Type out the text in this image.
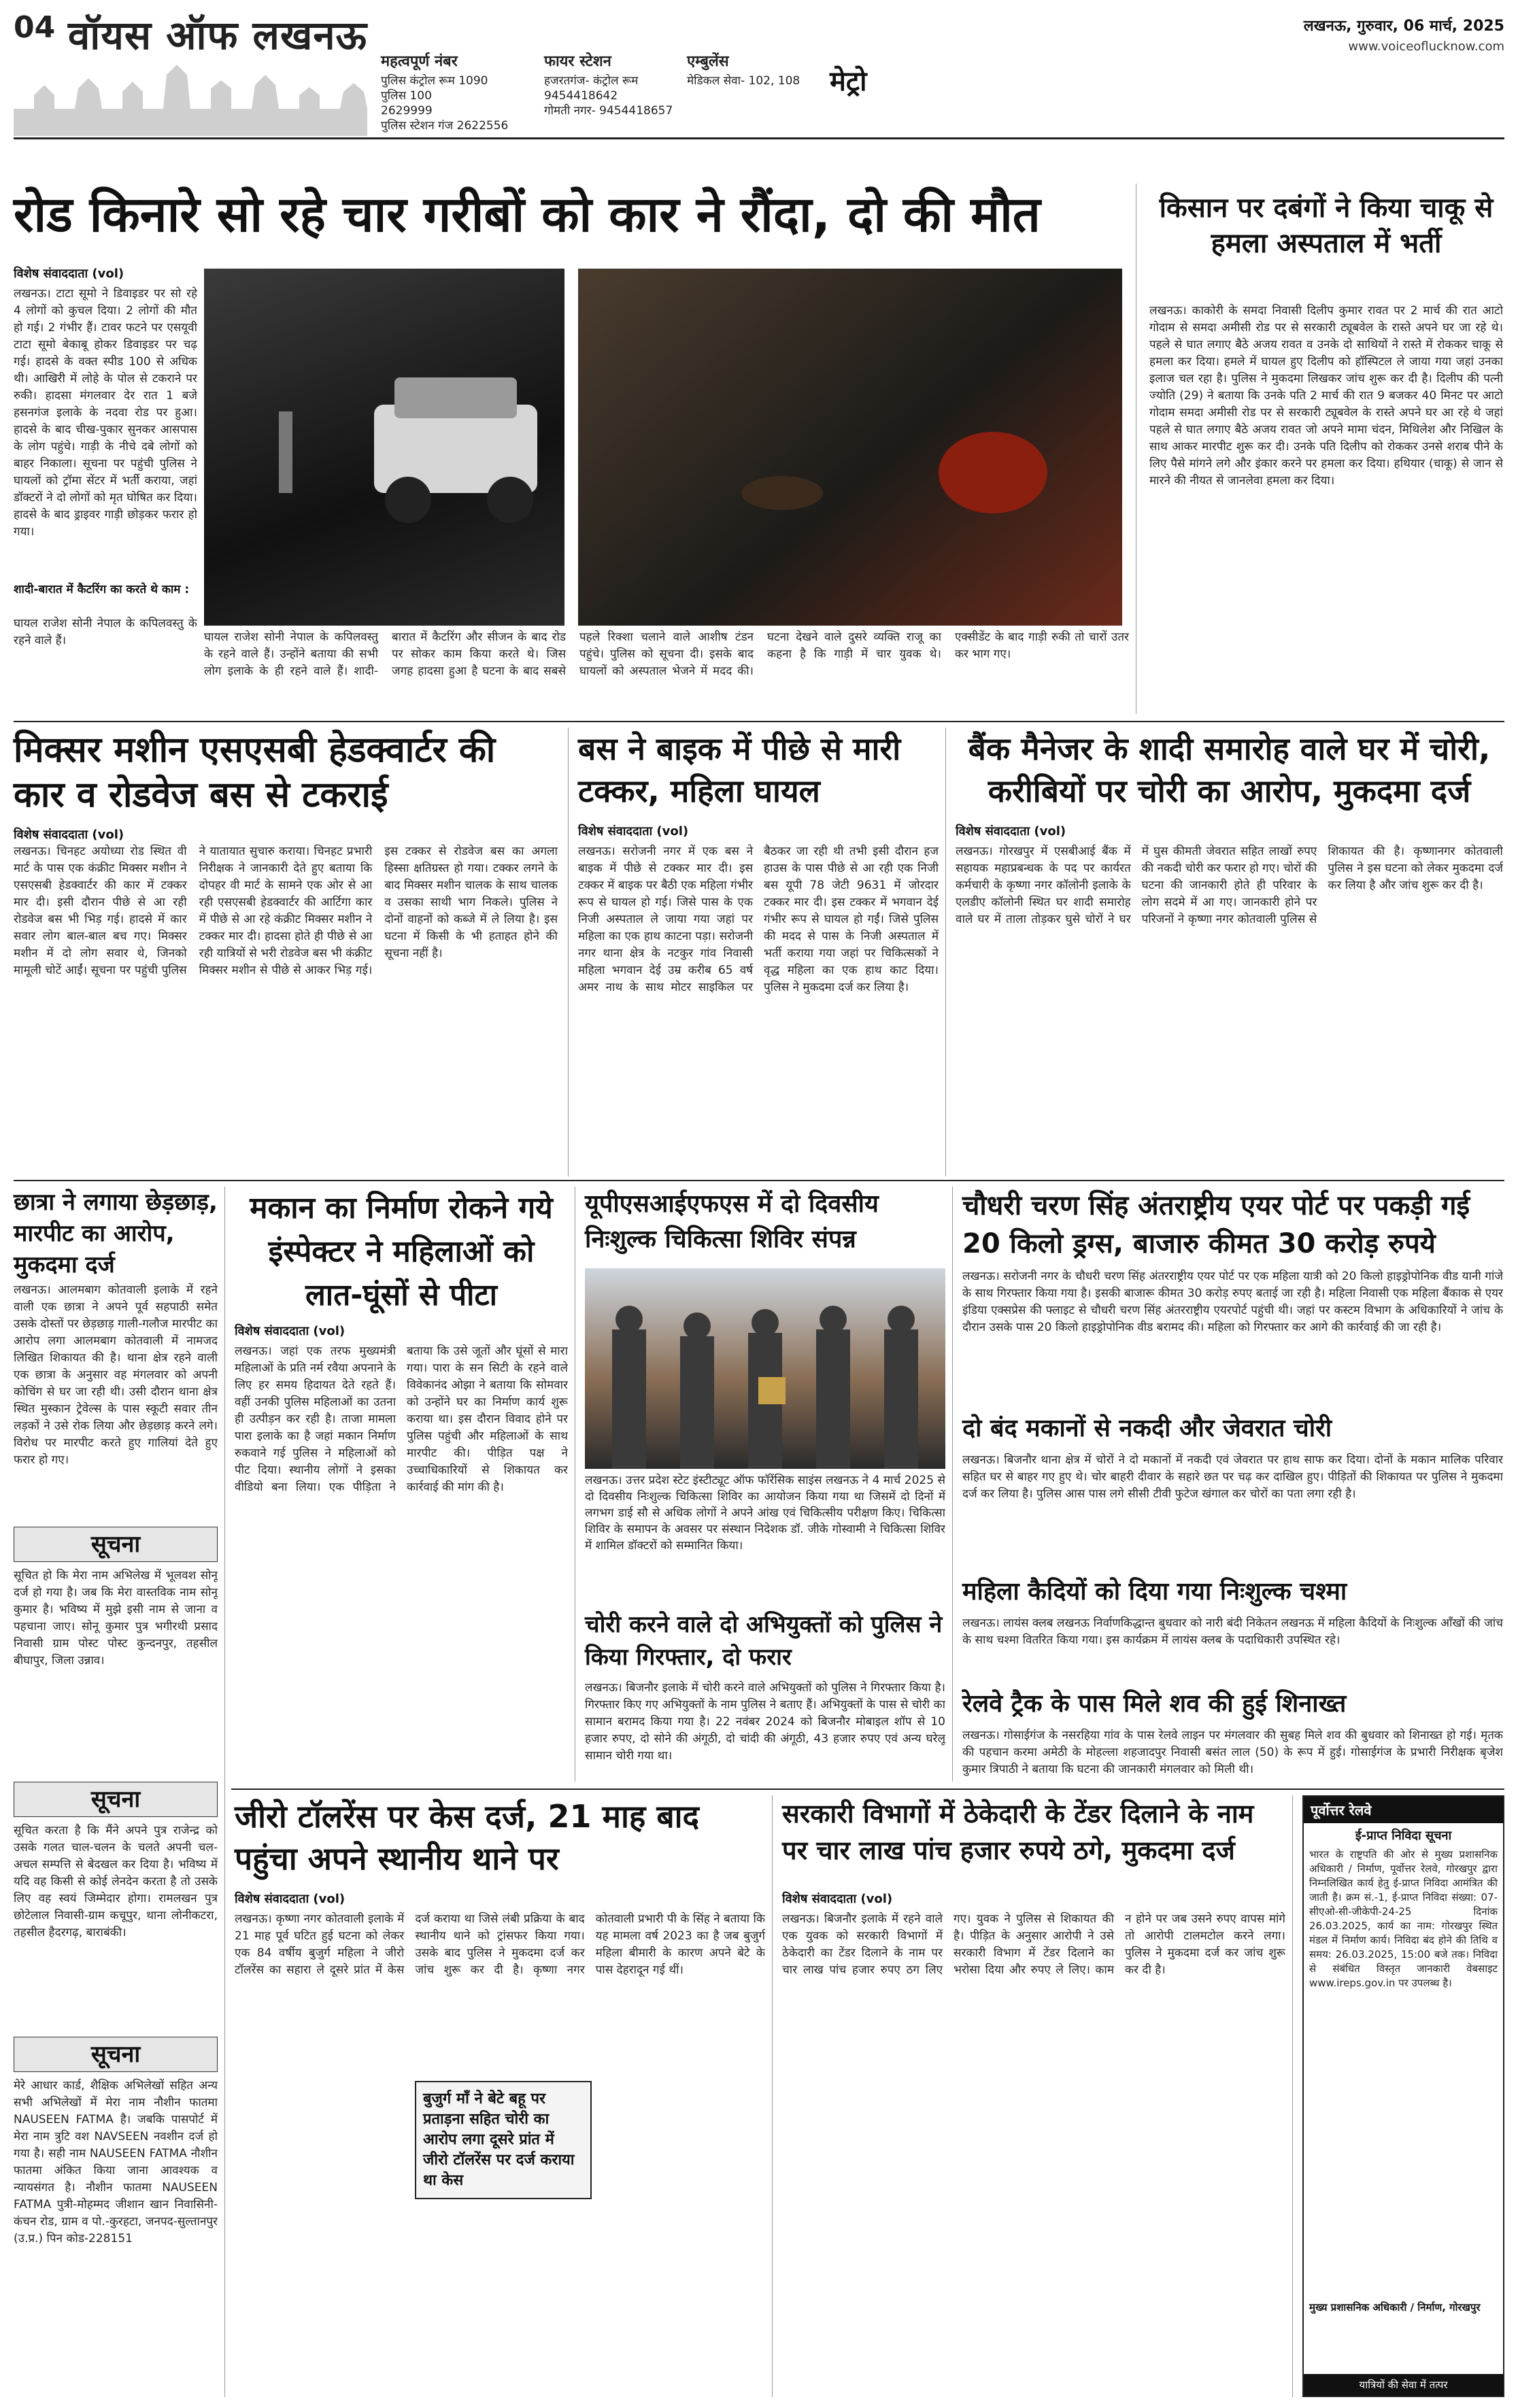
04 वॉयस ऑफ लखनऊ
महत्वपूर्ण नंबर
पुलिस कंट्रोल रूम 1090
पुलिस 100
2629999
पुलिस स्टेशन गंज 2622556
फायर स्टेशन
हजरतगंज- कंट्रोल रूम
9454418642
गोमती नगर- 9454418657
एम्बुलेंस
मेडिकल सेवा- 102, 108 मेट्रो
लखनऊ, गुरुवार, 06 मार्च, 2025
www.voiceoflucknow.com
रोड किनारे सो रहे चार गरीबों को कार ने रौंदा, दो की मौत
विशेष संवाददाता (vol)
लखनऊ। टाटा सूमो ने डिवाइडर पर सो रहे 4 लोगों को कुचल दिया। 2 लोगों की मौत हो गई। 2 गंभीर हैं। टावर फटने पर एसयूवी टाटा सूमो बेकाबू होकर डिवाइडर पर चढ़ गई। हादसे के वक्त स्पीड 100 से अधिक थी। आखिरी में लोहे के पोल से टकराने पर रुकी। हादसा मंगलवार देर रात 1 बजे हसनगंज इलाके के नदवा रोड पर हुआ। हादसे के बाद चीख-पुकार सुनकर आसपास के लोग पहुंचे। गाड़ी के नीचे दबे लोगों को बाहर निकाला। सूचना पर पहुंची पुलिस ने घायलों को ट्रॉमा सेंटर में भर्ती कराया, जहां डॉक्टरों ने दो लोगों को मृत घोषित कर दिया। हादसे के बाद ड्राइवर गाड़ी छोड़कर फरार हो गया।
शादी-बारात में कैटरिंग का करते थे काम :
घायल राजेश सोनी नेपाल के कपिलवस्तु के रहने वाले हैं।	घायल राजेश सोनी नेपाल के कपिलवस्तु के रहने वाले हैं। उन्होंने बताया की सभी लोग इलाके के ही रहने वाले हैं। शादी-बारात में कैटरिंग और सीजन के बाद रोड पर सोकर काम किया करते थे। जिस जगह हादसा हुआ है घटना के बाद सबसे पहले रिक्शा चलाने वाले आशीष टंडन पहुंचे। पुलिस को सूचना दी। इसके बाद घायलों को अस्पताल भेजने में मदद की। घटना देखने वाले दुसरे व्यक्ति राजू का कहना है कि गाड़ी में चार युवक थे। एक्सीडेंट के बाद गाड़ी रुकी तो चारों उतर कर भाग गए।
किसान पर दबंगों ने किया चाकू से हमला अस्पताल में भर्ती
लखनऊ। काकोरी के समदा निवासी दिलीप कुमार रावत पर 2 मार्च की रात आटो गोदाम से समदा अमीसी रोड पर से सरकारी ट्यूबवेल के रास्ते अपने घर जा रहे थे। पहले से घात लगाए बैठे अजय रावत व उनके दो साथियों ने रास्ते में रोककर चाकू से हमला कर दिया। हमले में घायल हुए दिलीप को हॉस्पिटल ले जाया गया जहां उनका इलाज चल रहा है। पुलिस ने मुकदमा लिखकर जांच शुरू कर दी है। दिलीप की पत्नी ज्योति (29) ने बताया कि उनके पति 2 मार्च की रात 9 बजकर 40 मिनट पर आटो गोदाम समदा अमीसी रोड पर से सरकारी ट्यूबवेल के रास्ते अपने घर आ रहे थे जहां पहले से घात लगाए बैठे अजय रावत जो अपने मामा चंदन, मिथिलेश और निखिल के साथ आकर मारपीट शुरू कर दी। उनके पति दिलीप को रोककर उनसे शराब पीने के लिए पैसे मांगने लगे और इंकार करने पर हमला कर दिया। हथियार (चाकू) से जान से मारने की नीयत से जानलेवा हमला कर दिया।
मिक्सर मशीन एसएसबी हेडक्वार्टर की कार व रोडवेज बस से टकराई
विशेष संवाददाता (vol)
लखनऊ। चिनहट अयोध्या रोड स्थित वी मार्ट के पास एक कंक्रीट मिक्सर मशीन ने एसएसबी हेडक्वार्टर की कार में टक्कर मार दी। इसी दौरान पीछे से आ रही रोडवेज बस भी भिड़ गई। हादसे में कार सवार लोग बाल-बाल बच गए। मिक्सर मशीन में दो लोग सवार थे, जिनको मामूली चोटें आईं। सूचना पर पहुंची पुलिस ने यातायात सुचारु कराया। चिनहट प्रभारी निरीक्षक ने जानकारी देते हुए बताया कि दोपहर वी मार्ट के सामने एक ओर से आ रही एसएसबी हेडक्वार्टर की आर्टिगा कार में पीछे से आ रहे कंक्रीट मिक्सर मशीन ने टक्कर मार दी। हादसा होते ही पीछे से आ रही यात्रियों से भरी रोडवेज बस भी कंक्रीट मिक्सर मशीन से पीछे से आकर भिड़ गई। इस टक्कर से रोडवेज बस का अगला हिस्सा क्षतिग्रस्त हो गया। टक्कर लगने के बाद मिक्सर मशीन चालक के साथ चालक व उसका साथी भाग निकले। पुलिस ने दोनों वाहनों को कब्जे में ले लिया है। इस घटना में किसी के भी हताहत होने की सूचना नहीं है।
बस ने बाइक में पीछे से मारी टक्कर, महिला घायल
विशेष संवाददाता (vol)
लखनऊ। सरोजनी नगर में एक बस ने बाइक में पीछे से टक्कर मार दी। इस टक्कर में बाइक पर बैठी एक महिला गंभीर रूप से घायल हो गई। जिसे पास के एक निजी अस्पताल ले जाया गया जहां पर महिला का एक हाथ काटना पड़ा। सरोजनी नगर थाना क्षेत्र के नटकुर गांव निवासी महिला भगवान देई उम्र करीब 65 वर्ष अमर नाथ के साथ मोटर साइकिल पर बैठकर जा रही थी तभी इसी दौरान हज हाउस के पास पीछे से आ रही एक निजी बस यूपी 78 जेटी 9631 में जोरदार टक्कर मार दी। इस टक्कर में भगवान देई गंभीर रूप से घायल हो गईं। जिसे पुलिस की मदद से पास के निजी अस्पताल में भर्ती कराया गया जहां पर चिकित्सकों ने वृद्ध महिला का एक हाथ काट दिया। पुलिस ने मुकदमा दर्ज कर लिया है।
बैंक मैनेजर के शादी समारोह वाले घर में चोरी, करीबियों पर चोरी का आरोप, मुकदमा दर्ज
विशेष संवाददाता (vol)
लखनऊ। गोरखपुर में एसबीआई बैंक में सहायक महाप्रबन्धक के पद पर कार्यरत कर्मचारी के कृष्णा नगर कॉलोनी इलाके के एलडीए कॉलोनी स्थित घर शादी समारोह वाले घर में ताला तोड़कर घुसे चोरों ने घर में घुस कीमती जेवरात सहित लाखों रुपए की नकदी चोरी कर फरार हो गए। चोरों की घटना की जानकारी होते ही परिवार के लोग सदमे में आ गए। जानकारी होने पर परिजनों ने कृष्णा नगर कोतवाली पुलिस से शिकायत की है। कृष्णानगर कोतवाली पुलिस ने इस घटना को लेकर मुकदमा दर्ज कर लिया है और जांच शुरू कर दी है।
छात्रा ने लगाया छेड़छाड़, मारपीट का आरोप, मुकदमा दर्ज
लखनऊ। आलमबाग कोतवाली इलाके में रहने वाली एक छात्रा ने अपने पूर्व सहपाठी समेत उसके दोस्तों पर छेड़छाड़ गाली-गलौज मारपीट का आरोप लगा आलमबाग कोतवाली में नामजद लिखित शिकायत की है। थाना क्षेत्र रहने वाली एक छात्रा के अनुसार वह मंगलवार को अपनी कोचिंग से घर जा रही थी। उसी दौरान थाना क्षेत्र स्थित मुस्कान ट्रेवेल्स के पास स्कूटी सवार तीन लड़कों ने उसे रोक लिया और छेड़छाड़ करने लगे। विरोध पर मारपीट करते हुए गालियां देते हुए फरार हो गए।
सूचना
सूचित हो कि मेरा नाम अभिलेख में भूलवश सोनू दर्ज हो गया है। जब कि मेरा वास्तविक नाम सोनू कुमार है। भविष्य में मुझे इसी नाम से जाना व पहचाना जाए। सोनू कुमार पुत्र भगीरथी प्रसाद निवासी ग्राम पोस्ट पोस्ट कुन्दनपुर, तहसील बीघापुर, जिला उन्नाव।
सूचना
सूचित करता है कि मैंने अपने पुत्र राजेन्द्र को उसके गलत चाल-चलन के चलते अपनी चल-अचल सम्पत्ति से बेदखल कर दिया है। भविष्य में यदि वह किसी से कोई लेनदेन करता है तो उसके लिए वह स्वयं जिम्मेदार होगा। रामलखन पुत्र छोटेलाल निवासी-ग्राम कचूपुर, थाना लोनीकटरा, तहसील हैदरगढ़, बाराबंकी।
सूचना
मेरे आधार कार्ड, शैक्षिक अभिलेखों सहित अन्य सभी अभिलेखों में मेरा नाम नौशीन फातमा NAUSEEN FATMA है। जबकि पासपोर्ट में मेरा नाम त्रुटि वश NAVSEEN नवशीन दर्ज हो गया है। सही नाम NAUSEEN FATMA नौशीन फातमा अंकित किया जाना आवश्यक व न्यायसंगत है। नौशीन फातमा NAUSEEN FATMA पुत्री-मोहम्मद जीशान खान निवासिनी-कंचन रोड, ग्राम व पो.-कुरहटा, जनपद-सुल्तानपुर (उ.प्र.) पिन कोड-228151
मकान का निर्माण रोकने गये इंस्पेक्टर ने महिलाओं को लात-घूंसों से पीटा
विशेष संवाददाता (vol)
लखनऊ। जहां एक तरफ मुख्यमंत्री महिलाओं के प्रति नर्म रवैया अपनाने के लिए हर समय हिदायत देते रहते हैं। वहीं उनकी पुलिस महिलाओं का उतना ही उत्पीड़न कर रही है। ताजा मामला पारा इलाके का है जहां मकान निर्माण रुकवाने गई पुलिस ने महिलाओं को पीट दिया। स्थानीय लोगों ने इसका वीडियो बना लिया। एक पीड़िता ने बताया कि उसे जूतों और घूंसों से मारा गया। पारा के सन सिटी के रहने वाले विवेकानंद ओझा ने बताया कि सोमवार को उन्होंने घर का निर्माण कार्य शुरू कराया था। इस दौरान विवाद होने पर पुलिस पहुंची और महिलाओं के साथ मारपीट की। पीड़ित पक्ष ने उच्चाधिकारियों से शिकायत कर कार्रवाई की मांग की है।
यूपीएसआईएफएस में दो दिवसीय निःशुल्क चिकित्सा शिविर संपन्न
लखनऊ। उत्तर प्रदेश स्टेट इंस्टीट्यूट ऑफ फॉरेंसिक साइंस लखनऊ ने 4 मार्च 2025 से दो दिवसीय निःशुल्क चिकित्सा शिविर का आयोजन किया गया था जिसमें दो दिनों में लगभग डाई सौ से अधिक लोगों ने अपने आंख एवं चिकित्सीय परीक्षण किए। चिकित्सा शिविर के समापन के अवसर पर संस्थान निदेशक डॉ. जीके गोस्वामी ने चिकित्सा शिविर में शामिल डॉक्टरों को सम्मानित किया।
चोरी करने वाले दो अभियुक्तों को पुलिस ने किया गिरफ्तार, दो फरार
लखनऊ। बिजनौर इलाके में चोरी करने वाले अभियुक्तों को पुलिस ने गिरफ्तार किया है। गिरफ्तार किए गए अभियुक्तों के नाम पुलिस ने बताए हैं। अभियुक्तों के पास से चोरी का सामान बरामद किया गया है। 22 नवंबर 2024 को बिजनौर मोबाइल शॉप से 10 हजार रुपए, दो सोने की अंगूठी, दो चांदी की अंगूठी, 43 हजार रुपए एवं अन्य घरेलू सामान चोरी गया था।
चौधरी चरण सिंह अंतराष्ट्रीय एयर पोर्ट पर पकड़ी गई 20 किलो ड्रग्स, बाजारु कीमत 30 करोड़ रुपये
लखनऊ। सरोजनी नगर के चौधरी चरण सिंह अंतरराष्ट्रीय एयर पोर्ट पर एक महिला यात्री को 20 किलो हाइड्रोपोनिक वीड यानी गांजे के साथ गिरफ्तार किया गया है। इसकी बाजारू कीमत 30 करोड़ रुपए बताई जा रही है। महिला निवासी एक महिला बैंकाक से एयर इंडिया एक्सप्रेस की फ्लाइट से चौधरी चरण सिंह अंतरराष्ट्रीय एयरपोर्ट पहुंची थी। जहां पर कस्टम विभाग के अधिकारियों ने जांच के दौरान उसके पास 20 किलो हाइड्रोपोनिक वीड बरामद की। महिला को गिरफ्तार कर आगे की कार्रवाई की जा रही है।
दो बंद मकानों से नकदी और जेवरात चोरी
लखनऊ। बिजनौर थाना क्षेत्र में चोरों ने दो मकानों में नकदी एवं जेवरात पर हाथ साफ कर दिया। दोनों के मकान मालिक परिवार सहित घर से बाहर गए हुए थे। चोर बाहरी दीवार के सहारे छत पर चढ़ कर दाखिल हुए। पीड़ितों की शिकायत पर पुलिस ने मुकदमा दर्ज कर लिया है। पुलिस आस पास लगे सीसी टीवी फुटेज खंगाल कर चोरों का पता लगा रही है।
महिला कैदियों को दिया गया निःशुल्क चश्मा
लखनऊ। लायंस क्लब लखनऊ निर्वाणकिद्धान्त बुधवार को नारी बंदी निकेतन लखनऊ में महिला कैदियों के निःशुल्क आँखों की जांच के साथ चश्मा वितरित किया गया। इस कार्यक्रम में लायंस क्लब के पदाधिकारी उपस्थित रहे।
रेलवे ट्रैक के पास मिले शव की हुई शिनाख्त
लखनऊ। गोसाईगंज के नसरहिया गांव के पास रेलवे लाइन पर मंगलवार की सुबह मिले शव की बुधवार को शिनाख्त हो गई। मृतक की पहचान करमा अमेठी के मोहल्ला शहजादपुर निवासी बसंत लाल (50) के रूप में हुई। गोसाईगंज के प्रभारी निरीक्षक बृजेश कुमार त्रिपाठी ने बताया कि घटना की जानकारी मंगलवार को मिली थी।
जीरो टॉलरेंस पर केस दर्ज, 21 माह बाद पहुंचा अपने स्थानीय थाने पर
विशेष संवाददाता (vol)
लखनऊ। कृष्णा नगर कोतवाली इलाके में 21 माह पूर्व घटित हुई घटना को लेकर एक 84 वर्षीय बुजुर्ग महिला ने जीरो टॉलरेंस का सहारा ले दूसरे प्रांत में केस दर्ज कराया था जिसे लंबी प्रक्रिया के बाद स्थानीय थाने को ट्रांसफर किया गया। उसके बाद पुलिस ने मुकदमा दर्ज कर जांच शुरू कर दी है। कृष्णा नगर कोतवाली प्रभारी पी के सिंह ने बताया कि यह मामला वर्ष 2023 का है जब बुजुर्ग महिला बीमारी के कारण अपने बेटे के पास देहरादून गई थीं।
बुजुर्ग माँ ने बेटे बहू पर प्रताड़ना सहित चोरी का आरोप लगा दूसरे प्रांत में जीरो टॉलरेंस पर दर्ज कराया था केस
सरकारी विभागों में ठेकेदारी के टेंडर दिलाने के नाम पर चार लाख पांच हजार रुपये ठगे, मुकदमा दर्ज
विशेष संवाददाता (vol)
लखनऊ। बिजनौर इलाके में रहने वाले एक युवक को सरकारी विभागों में ठेकेदारी का टेंडर दिलाने के नाम पर चार लाख पांच हजार रुपए ठग लिए गए। युवक ने पुलिस से शिकायत की है। पीड़ित के अनुसार आरोपी ने उसे सरकारी विभाग में टेंडर दिलाने का भरोसा दिया और रुपए ले लिए। काम न होने पर जब उसने रुपए वापस मांगे तो आरोपी टालमटोल करने लगा। पुलिस ने मुकदमा दर्ज कर जांच शुरू कर दी है।
पूर्वोत्तर रेलवे
ई-प्राप्त निविदा सूचना
भारत के राष्ट्रपति की ओर से मुख्य प्रशासनिक अधिकारी / निर्माण, पूर्वोत्तर रेलवे, गोरखपुर द्वारा निम्नलिखित कार्य हेतु ई-प्राप्त निविदा आमंत्रित की जाती है। क्रम सं.-1, ई-प्राप्त निविदा संख्या: 07-सीएओ-सी-जीकेपी-24-25 दिनांक 26.03.2025, कार्य का नाम: गोरखपुर स्थित मंडल में निर्माण कार्य। निविदा बंद होने की तिथि व समय: 26.03.2025, 15:00 बजे तक। निविदा से संबंधित विस्तृत जानकारी वेबसाइट www.ireps.gov.in पर उपलब्ध है।
मुख्य प्रशासनिक अधिकारी / निर्माण, गोरखपुर
यात्रियों की सेवा में तत्पर
